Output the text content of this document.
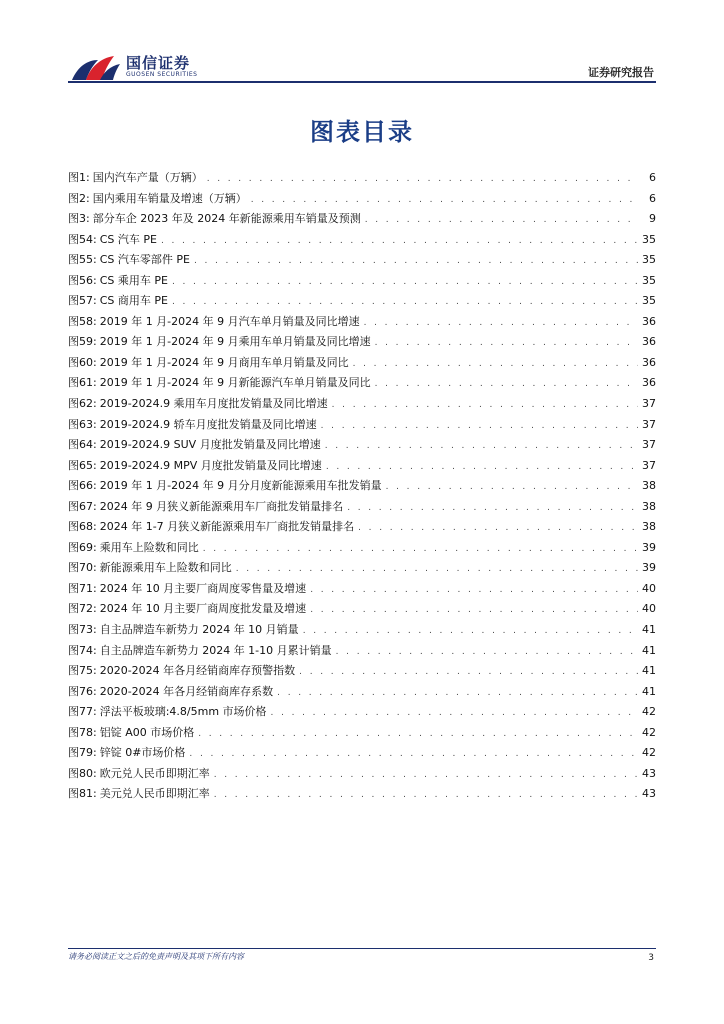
国信证券
GUOSEN SECURITIES	证券研究报告
图表目录
图1: 国内汽车产量（万辆） . . .	6
图2: 国内乘用车销量及增速（万辆） . . .	6
图3: 部分车企 2023 年及 2024 年新能源乘用车销量及预测 . . .	9
图54: CS 汽车 PE . . .	35
图55: CS 汽车零部件 PE . . .	35
图56: CS 乘用车 PE . . .	35
图57: CS 商用车 PE . . .	35
图58: 2019 年 1 月-2024 年 9 月汽车单月销量及同比增速 . . .	36
图59: 2019 年 1 月-2024 年 9 月乘用车单月销量及同比增速 . . .	36
图60: 2019 年 1 月-2024 年 9 月商用车单月销量及同比 . . .	36
图61: 2019 年 1 月-2024 年 9 月新能源汽车单月销量及同比 . . .	36
图62: 2019-2024.9 乘用车月度批发销量及同比增速 . . .	37
图63: 2019-2024.9 轿车月度批发销量及同比增速 . . .	37
图64: 2019-2024.9 SUV 月度批发销量及同比增速 . . .	37
图65: 2019-2024.9 MPV 月度批发销量及同比增速 . . .	37
图66: 2019 年 1 月-2024 年 9 月分月度新能源乘用车批发销量 . . .	38
图67: 2024 年 9 月狭义新能源乘用车厂商批发销量排名 . . .	38
图68: 2024 年 1-7 月狭义新能源乘用车厂商批发销量排名 . . .	38
图69: 乘用车上险数和同比 . . .	39
图70: 新能源乘用车上险数和同比 . . .	39
图71: 2024 年 10 月主要厂商周度零售量及增速 . . .	40
图72: 2024 年 10 月主要厂商周度批发量及增速 . . .	40
图73: 自主品牌造车新势力 2024 年 10 月销量 . . .	41
图74: 自主品牌造车新势力 2024 年 1-10 月累计销量 . . .	41
图75: 2020-2024 年各月经销商库存预警指数 . . .	41
图76: 2020-2024 年各月经销商库存系数 . . .	41
图77: 浮法平板玻璃:4.8/5mm 市场价格 . . .	42
图78: 铝锭 A00 市场价格 . . .	42
图79: 锌锭 0#市场价格 . . .	42
图80: 欧元兑人民币即期汇率 . . .	43
图81: 美元兑人民币即期汇率 . . .	43
请务必阅读正文之后的免责声明及其项下所有内容	3
